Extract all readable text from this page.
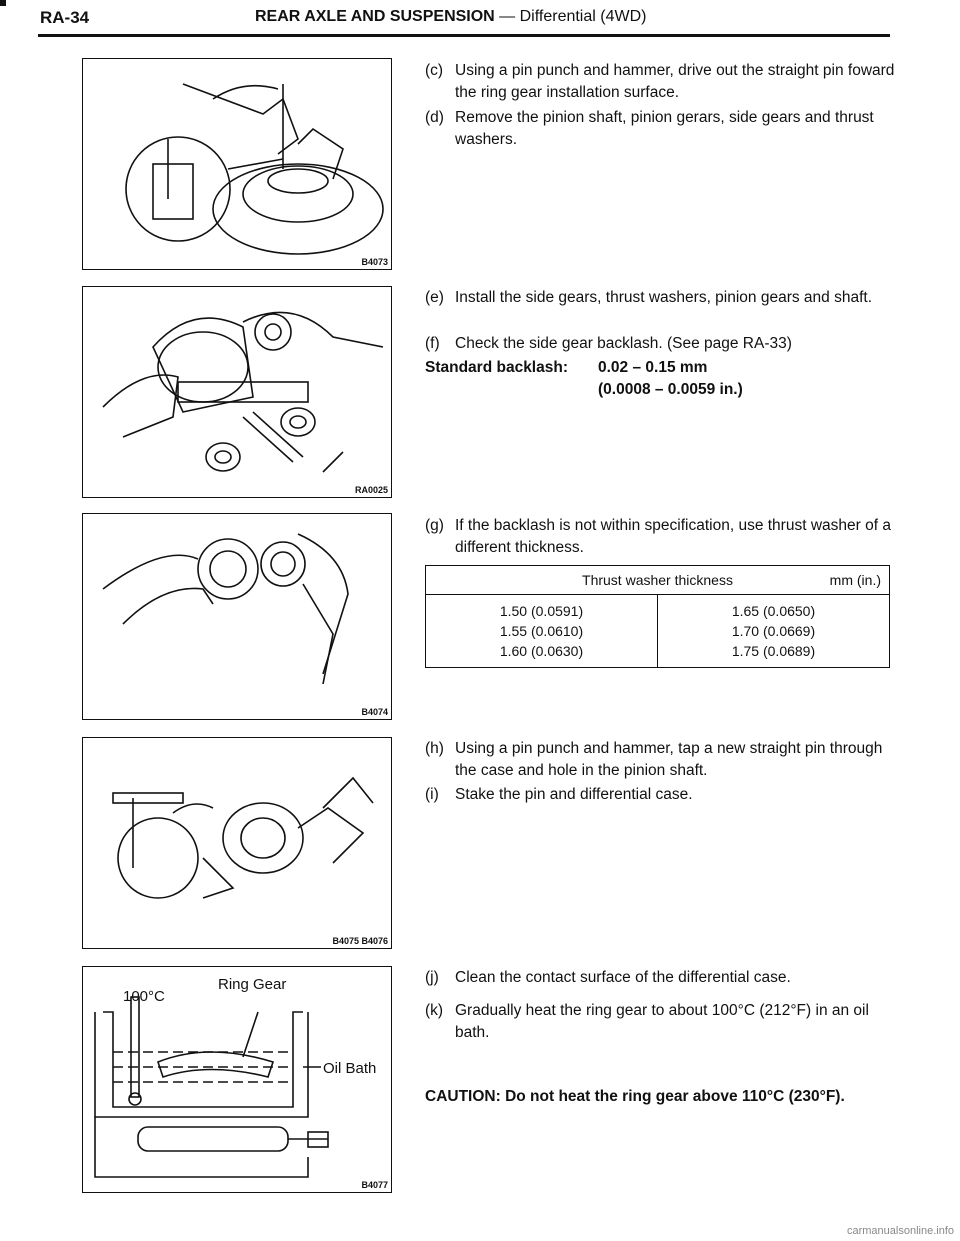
RA-34	REAR AXLE AND SUSPENSION — Differential (4WD)
B4073
RA0025
B4074
B4075 B4076
100°C
Ring Gear
Oil Bath
B4077
(c) Using a pin punch and hammer, drive out the straight pin foward the ring gear installation surface.
(d) Remove the pinion shaft, pinion gerars, side gears and thrust washers.
(e) Install the side gears, thrust washers, pinion gears and shaft.
(f) Check the side gear backlash. (See page RA-33)
Standard backlash: 0.02 – 0.15 mm
(0.0008 – 0.0059 in.)
(g) If the backlash is not within specification, use thrust washer of a different thickness.
Thrust washer thickness	mm (in.)

1.50 (0.0591)
1.55 (0.0610)
1.60 (0.0630)

1.65 (0.0650)
1.70 (0.0669)
1.75 (0.0689)
(h) Using a pin punch and hammer, tap a new straight pin through the case and hole in the pinion shaft.
(i) Stake the pin and differential case.
(j) Clean the contact surface of the differential case.
(k) Gradually heat the ring gear to about 100°C (212°F) in an oil bath.
CAUTION: Do not heat the ring gear above 110°C (230°F).
carmanualsonline.info
